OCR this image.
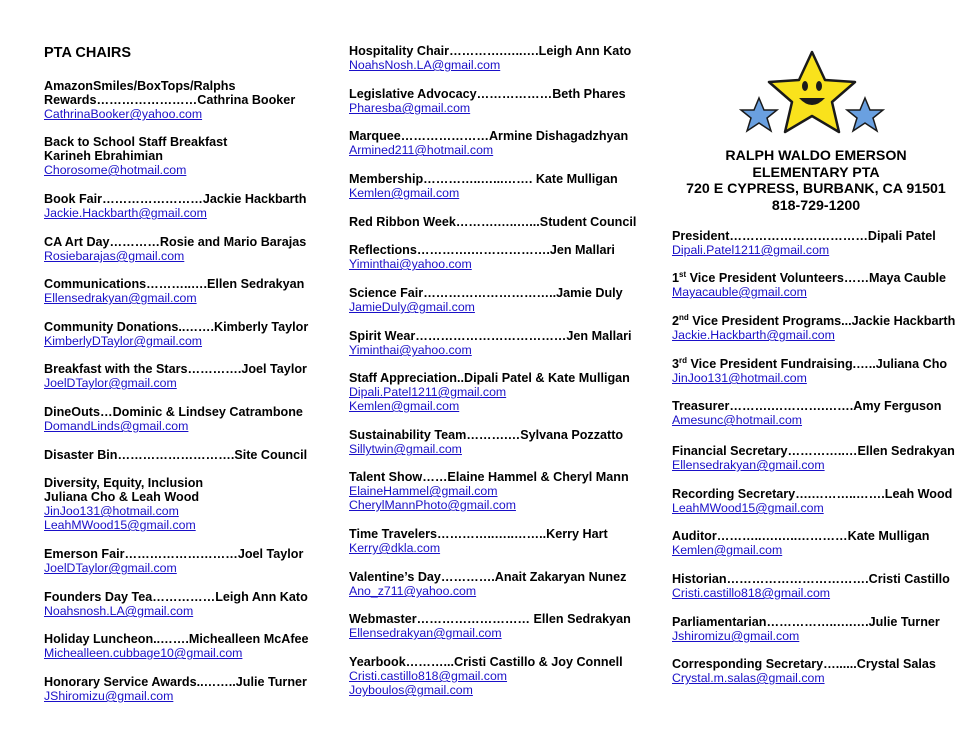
PTA CHAIRS
AmazonSmiles/BoxTops/Ralphs
Rewards……………………Cathrina Booker
CathrinaBooker@yahoo.com
Back to School Staff Breakfast
Karineh Ebrahimian
Chorosome@hotmail.com
Book Fair……………………Jackie Hackbarth
Jackie.Hackbarth@gmail.com
CA Art Day…………Rosie and Mario Barajas
Rosiebarajas@gmail.com
Communications………..….Ellen Sedrakyan
Ellensedrakyan@gmail.com
Community Donations..…….Kimberly Taylor
KimberlyDTaylor@gmail.com
Breakfast with the Stars………….Joel Taylor
JoelDTaylor@gmail.com
DineOuts…Dominic & Lindsey Catrambone
DomandLinds@gmail.com
Disaster Bin……………………….Site Council
Diversity, Equity, Inclusion
Juliana Cho & Leah Wood
JinJoo131@hotmail.com
LeahMWood15@gmail.com
Emerson Fair………………………Joel Taylor
JoelDTaylor@gmail.com
Founders Day Tea……………Leigh Ann Kato
Noahsnosh.LA@gmail.com
Holiday Luncheon..…….Michealleen McAfee
Michealleen.cubbage10@gmail.com
Honorary Service Awards..……..Julie Turner
JShiromizu@gmail.com
Hospitality Chair………….…..….Leigh Ann Kato
NoahsNosh.LA@gmail.com
Legislative Advocacy………………Beth Phares
Pharesba@gmail.com
Marquee…………………Armine Dishagadzhyan
Armined211@hotmail.com
Membership…………..…...……. Kate Mulligan
Kemlen@gmail.com
Red Ribbon Week……….…..…...Student Council
Reflections………….……………….Jen Mallari
Yiminthai@yahoo.com
Science Fair…………………………..Jamie Duly
JamieDuly@gmail.com
Spirit Wear………………………………Jen Mallari
Yiminthai@yahoo.com
Staff Appreciation..Dipali Patel & Kate Mulligan
Dipali.Patel1211@gmail.com
Kemlen@gmail.com
Sustainability Team……….…Sylvana Pozzatto
Sillytwin@gmail.com
Talent Show……Elaine Hammel & Cheryl Mann
ElaineHammel@gmail.com
CherylMannPhoto@gmail.com
Time Travelers…………..…..……..Kerry Hart
Kerry@dkla.com
Valentine’s Day………….Anait Zakaryan Nunez
Ano_z711@yahoo.com
Webmaster……………………… Ellen Sedrakyan
Ellensedrakyan@gmail.com
Yearbook………...Cristi Castillo & Joy Connell
Cristi.castillo818@gmail.com
Joyboulos@gmail.com
President……………………………Dipali Patel
Dipali.Patel1211@gmail.com
1st Vice President Volunteers……Maya Cauble
Mayacauble@gmail.com
2nd Vice President Programs...Jackie Hackbarth
Jackie.Hackbarth@gmail.com
3rd Vice President Fundraising.…..Juliana Cho
JinJoo131@hotmail.com
Treasurer……….………….…….Amy Ferguson
Amesunc@hotmail.com
Financial Secretary…………..…Ellen Sedrakyan
Ellensedrakyan@gmail.com
Recording Secretary….………..…….Leah Wood
LeahMWood15@gmail.com
Auditor………..….…..…………Kate Mulligan
Kemlen@gmail.com
Historian…………………………….Cristi Castillo
Cristi.castillo818@gmail.com
Parliamentarian……………..….….Julie Turner
Jshiromizu@gmail.com
Corresponding Secretary…......Crystal Salas
Crystal.m.salas@gmail.com
RALPH WALDO EMERSON
ELEMENTARY PTA
720 E CYPRESS, BURBANK, CA 91501
818-729-1200
